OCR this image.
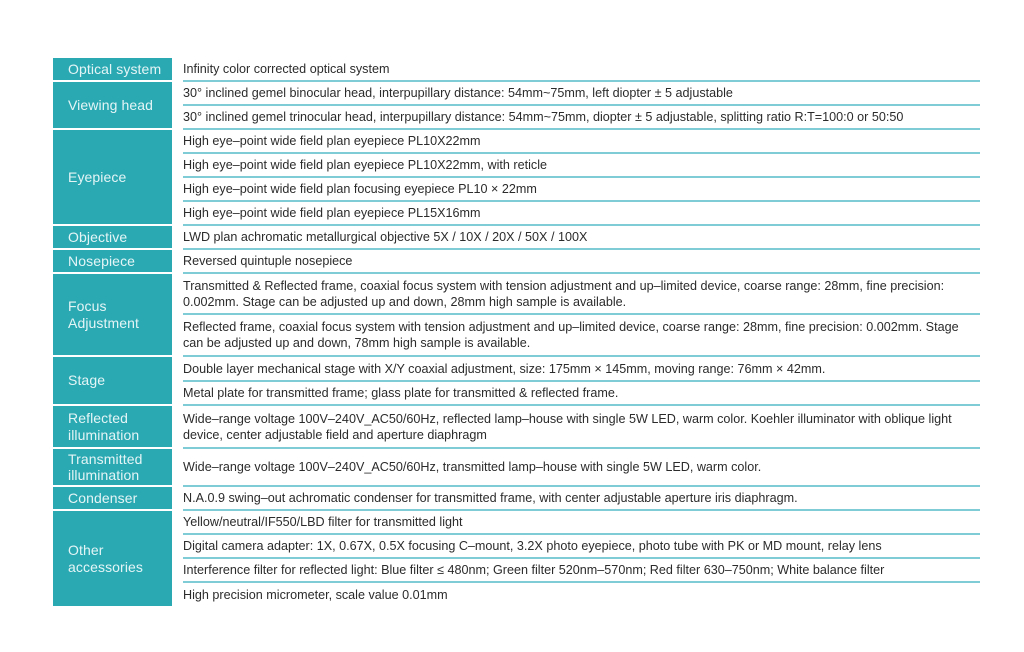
Optical system		Infinity color corrected optical system
Viewing head		30° inclined gemel binocular head, interpupillary distance: 54mm~75mm, left diopter ± 5 adjustable
		30° inclined gemel trinocular head, interpupillary distance: 54mm~75mm, diopter ± 5 adjustable, splitting ratio R:T=100:0 or 50:50
Eyepiece		High eye–point wide field plan eyepiece PL10X22mm
		High eye–point wide field plan eyepiece PL10X22mm, with reticle
		High eye–point wide field plan focusing eyepiece PL10 × 22mm
		High eye–point wide field plan eyepiece PL15X16mm
Objective		LWD plan achromatic metallurgical objective 5X / 10X / 20X / 50X / 100X
Nosepiece		Reversed quintuple nosepiece
Focus Adjustment		Transmitted & Reflected frame, coaxial focus system with tension adjustment and up–limited device, coarse range: 28mm, fine precision: 0.002mm. Stage can be adjusted up and down, 28mm high sample is available.
		Reflected frame, coaxial focus system with tension adjustment and up–limited device, coarse range: 28mm, fine precision: 0.002mm. Stage can be adjusted up and down, 78mm high sample is available.
Stage		Double layer mechanical stage with X/Y coaxial adjustment, size: 175mm × 145mm, moving range: 76mm × 42mm.
		Metal plate for transmitted frame; glass plate for transmitted & reflected frame.
Reflected illumination		Wide–range voltage 100V–240V_AC50/60Hz, reflected lamp–house with single 5W LED, warm color. Koehler illuminator with oblique light device, center adjustable field and aperture diaphragm
Transmitted illumination		Wide–range voltage 100V–240V_AC50/60Hz, transmitted lamp–house with single 5W LED, warm color.
Condenser		N.A.0.9 swing–out achromatic condenser for transmitted frame, with center adjustable aperture iris diaphragm.
Other accessories		Yellow/neutral/IF550/LBD filter for transmitted light
		Digital camera adapter: 1X, 0.67X, 0.5X focusing C–mount, 3.2X photo eyepiece, photo tube with PK or MD mount, relay lens
		Interference filter for reflected light: Blue filter ≤ 480nm; Green filter 520nm–570nm; Red filter 630–750nm; White balance filter
		High precision micrometer, scale value 0.01mm
